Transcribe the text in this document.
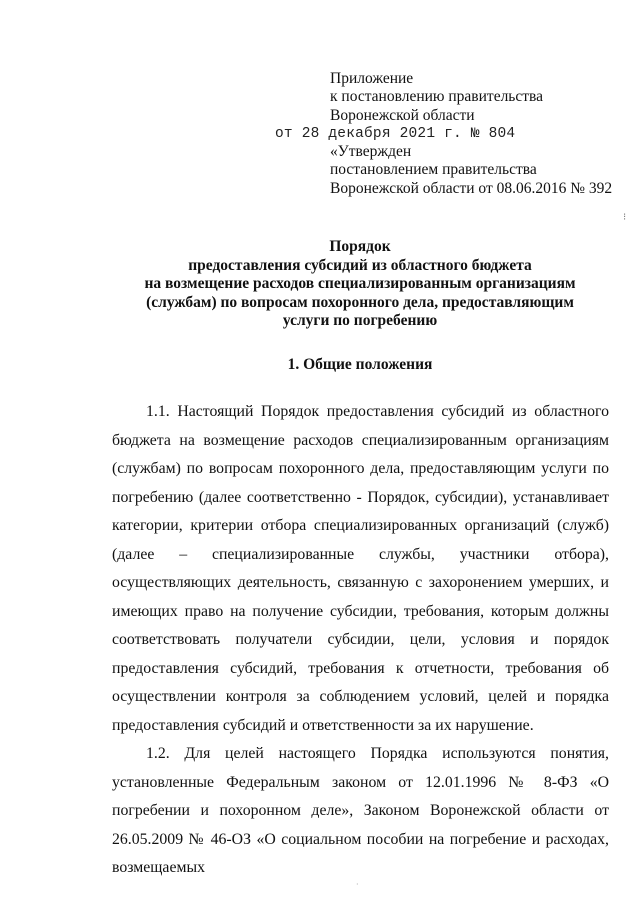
Приложение
к постановлению правительства
Воронежской области
от 28 декабря 2021 г. № 804
«Утвержден
постановлением правительства
Воронежской области от 08.06.2016 № 392
Порядок
предоставления субсидий из областного бюджета
на возмещение расходов специализированным организациям
(службам) по вопросам похоронного дела, предоставляющим
услуги по погребению
1. Общие положения

1.1. Настоящий Порядок предоставления субсидий из областного бюджета на возмещение расходов специализированным организациям (службам) по вопросам похоронного дела, предоставляющим услуги по погребению (далее соответственно - Порядок, субсидии), устанавливает категории, критерии отбора специализированных организаций (служб) (далее – специализированные службы, участники отбора), осуществляющих деятельность, связанную с захоронением умерших, и имеющих право на получение субсидии, требования, которым должны соответствовать получатели субсидии, цели, условия и порядок предоставления субсидий, требования к отчетности, требования об осуществлении контроля за соблюдением условий, целей и порядка предоставления субсидий и ответственности за их нарушение.

1.2. Для целей настоящего Порядка используются понятия, установленные Федеральным законом от 12.01.1996 № 8-ФЗ «О погребении и похоронном деле», Законом Воронежской области от 26.05.2009 № 46-ОЗ «О социальном пособии на погребение и расходах, возмещаемых

⁝
·
